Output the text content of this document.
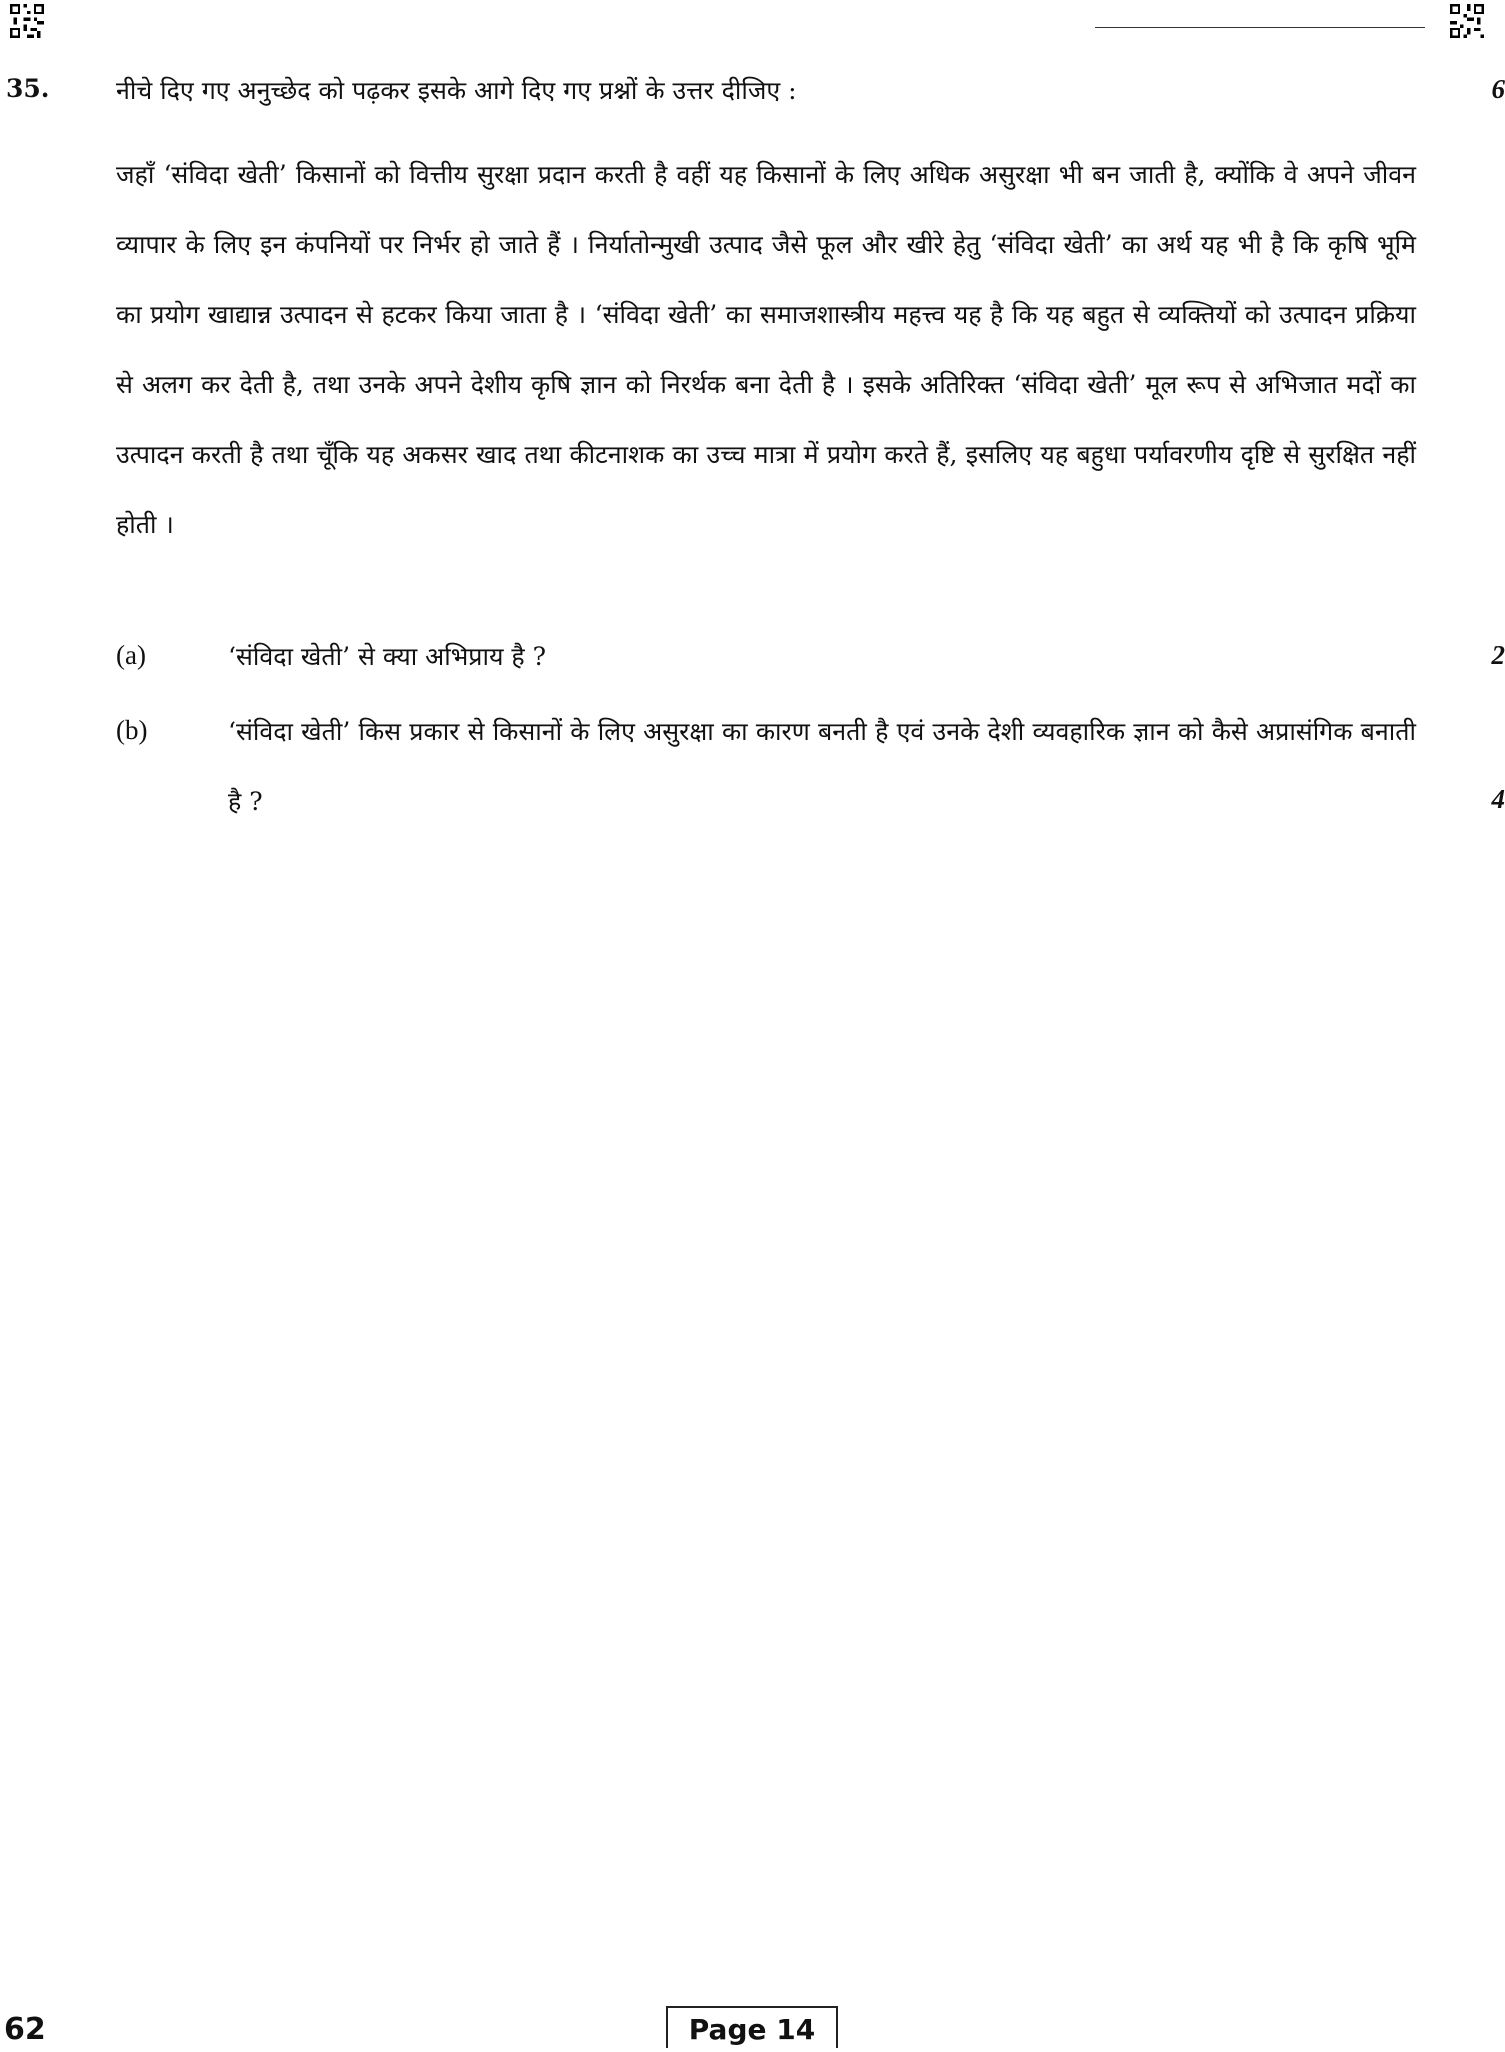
35.	नीचे दिए गए अनुच्छेद को पढ़कर इसके आगे दिए गए प्रश्नों के उत्तर दीजिए :	6
जहाँ ‘संविदा खेती’ किसानों को वित्तीय सुरक्षा प्रदान करती है वहीं यह किसानों के लिए अधिक असुरक्षा भी बन जाती है, क्योंकि वे अपने जीवन व्यापार के लिए इन कंपनियों पर निर्भर हो जाते हैं । निर्यातोन्मुखी उत्पाद जैसे फूल और खीरे हेतु ‘संविदा खेती’ का अर्थ यह भी है कि कृषि भूमि का प्रयोग खाद्यान्न उत्पादन से हटकर किया जाता है । ‘संविदा खेती’ का समाजशास्त्रीय महत्त्व यह है कि यह बहुत से व्यक्तियों को उत्पादन प्रक्रिया से अलग कर देती है, तथा उनके अपने देशीय कृषि ज्ञान को निरर्थक बना देती है । इसके अतिरिक्त ‘संविदा खेती’ मूल रूप से अभिजात मदों का उत्पादन करती है तथा चूँकि यह अकसर खाद तथा कीटनाशक का उच्च मात्रा में प्रयोग करते हैं, इसलिए यह बहुधा पर्यावरणीय दृष्टि से सुरक्षित नहीं होती ।
(a)	‘संविदा खेती’ से क्या अभिप्राय है ?	2
(b)	‘संविदा खेती’ किस प्रकार से किसानों के लिए असुरक्षा का कारण बनती है एवं उनके देशी व्यवहारिक ज्ञान को कैसे अप्रासंगिक बनाती है ?	4
62	Page 14
